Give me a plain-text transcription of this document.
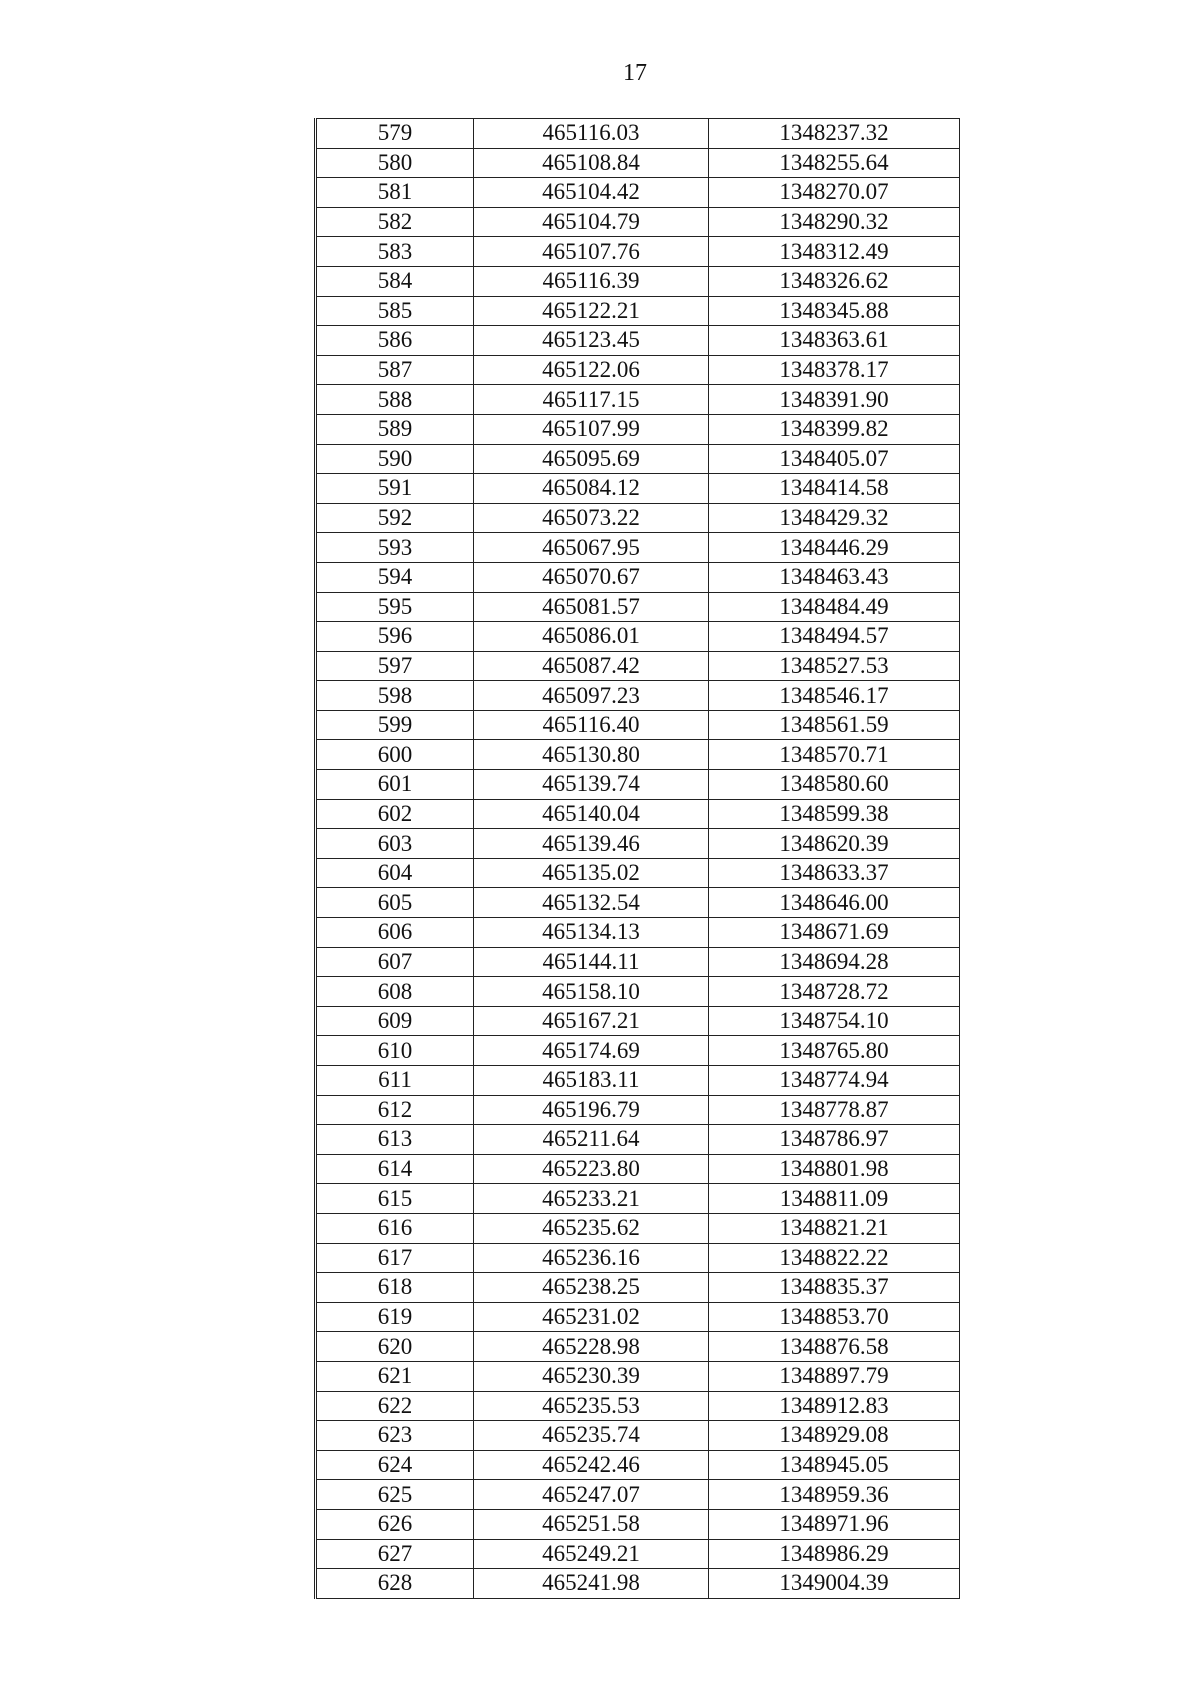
17
579	465116.03	1348237.32
580	465108.84	1348255.64
581	465104.42	1348270.07
582	465104.79	1348290.32
583	465107.76	1348312.49
584	465116.39	1348326.62
585	465122.21	1348345.88
586	465123.45	1348363.61
587	465122.06	1348378.17
588	465117.15	1348391.90
589	465107.99	1348399.82
590	465095.69	1348405.07
591	465084.12	1348414.58
592	465073.22	1348429.32
593	465067.95	1348446.29
594	465070.67	1348463.43
595	465081.57	1348484.49
596	465086.01	1348494.57
597	465087.42	1348527.53
598	465097.23	1348546.17
599	465116.40	1348561.59
600	465130.80	1348570.71
601	465139.74	1348580.60
602	465140.04	1348599.38
603	465139.46	1348620.39
604	465135.02	1348633.37
605	465132.54	1348646.00
606	465134.13	1348671.69
607	465144.11	1348694.28
608	465158.10	1348728.72
609	465167.21	1348754.10
610	465174.69	1348765.80
611	465183.11	1348774.94
612	465196.79	1348778.87
613	465211.64	1348786.97
614	465223.80	1348801.98
615	465233.21	1348811.09
616	465235.62	1348821.21
617	465236.16	1348822.22
618	465238.25	1348835.37
619	465231.02	1348853.70
620	465228.98	1348876.58
621	465230.39	1348897.79
622	465235.53	1348912.83
623	465235.74	1348929.08
624	465242.46	1348945.05
625	465247.07	1348959.36
626	465251.58	1348971.96
627	465249.21	1348986.29
628	465241.98	1349004.39
